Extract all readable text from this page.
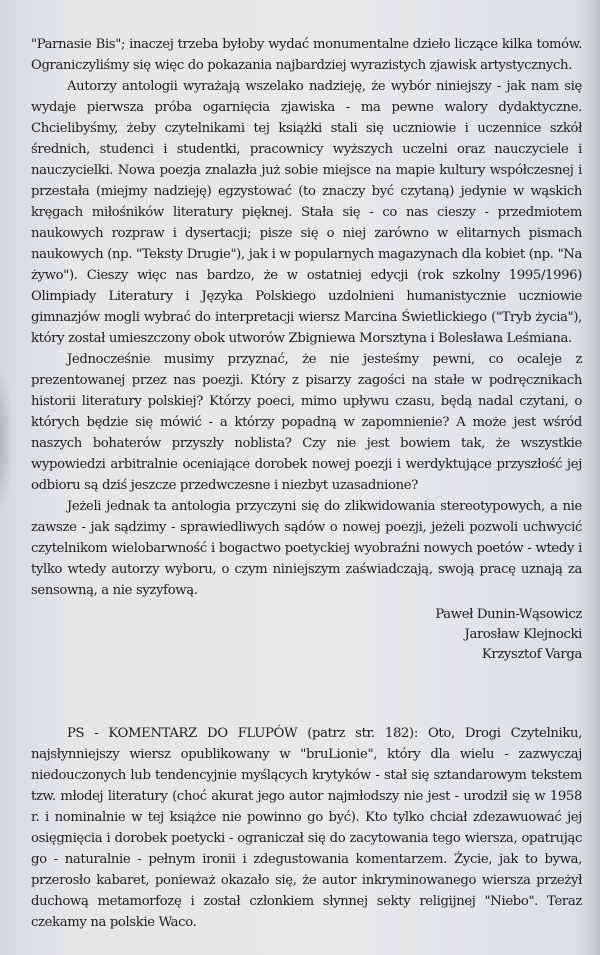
"Parnasie Bis"; inaczej trzeba byłoby wydać monumentalne dzieło liczące kilka tomów. Ograniczyliśmy się więc do pokazania najbardziej wyrazistych zjawisk artystycznych.

Autorzy antologii wyrażają wszelako nadzieję, że wybór niniejszy - jak nam się wydaje pierwsza próba ogarnięcia zjawiska - ma pewne walory dydaktyczne. Chcielibyśmy, żeby czytelnikami tej książki stali się uczniowie i uczennice szkół średnich, studenci i studentki, pracownicy wyższych uczelni oraz nauczyciele i nauczycielki. Nowa poezja znalazła już sobie miejsce na mapie kultury współczesnej i przestała (miejmy nadzieję) egzystować (to znaczy być czytaną) jedynie w wąskich kręgach miłośników literatury pięknej. Stała się - co nas cieszy - przedmiotem naukowych rozpraw i dysertacji; pisze się o niej zarówno w elitarnych pismach naukowych (np. "Teksty Drugie"), jak i w popularnych magazynach dla kobiet (np. "Na żywo"). Cieszy więc nas bardzo, że w ostatniej edycji (rok szkolny 1995/1996) Olimpiady Literatury i Języka Polskiego uzdolnieni humanistycznie uczniowie gimnazjów mogli wybrać do interpretacji wiersz Marcina Świetlickiego ("Tryb życia"), który został umieszczony obok utworów Zbigniewa Morsztyna i Bolesława Leśmiana.

Jednocześnie musimy przyznać, że nie jesteśmy pewni, co ocaleje z prezentowanej przez nas poezji. Który z pisarzy zagości na stałe w podręcznikach historii literatury polskiej? Którzy poeci, mimo upływu czasu, będą nadal czytani, o których będzie się mówić - a którzy popadną w zapomnienie? A może jest wśród naszych bohaterów przyszły noblista? Czy nie jest bowiem tak, że wszystkie wypowiedzi arbitralnie oceniające dorobek nowej poezji i werdyktujące przyszłość jej odbioru są dziś jeszcze przedwczesne i niezbyt uzasadnione?

Jeżeli jednak ta antologia przyczyni się do zlikwidowania stereotypowych, a nie zawsze - jak sądzimy - sprawiedliwych sądów o nowej poezji, jeżeli pozwoli uchwycić czytelnikom wielobarwność i bogactwo poetyckiej wyobraźni nowych poetów - wtedy i tylko wtedy autorzy wyboru, o czym niniejszym zaświadczają, swoją pracę uznają za sensowną, a nie syzyfową.

Paweł Dunin-Wąsowicz
Jarosław Klejnocki
Krzysztof Varga

PS - KOMENTARZ DO FLUPÓW (patrz str. 182): Oto, Drogi Czytelniku, najsłynniejszy wiersz opublikowany w "bruLionie", który dla wielu - zazwyczaj niedouczonych lub tendencyjnie myślących krytyków - stał się sztandarowym tekstem tzw. młodej literatury (choć akurat jego autor najmłodszy nie jest - urodził się w 1958 r. i nominalnie w tej książce nie powinno go być). Kto tylko chciał zdezawuować jej osięgnięcia i dorobek poetycki - ograniczał się do zacytowania tego wiersza, opatrując go - naturalnie - pełnym ironii i zdegustowania komentarzem. Życie, jak to bywa, przerosło kabaret, ponieważ okazało się, że autor inkryminowanego wiersza przeżył duchową metamorfozę i został członkiem słynnej sekty religijnej "Niebo". Teraz czekamy na polskie Waco.
